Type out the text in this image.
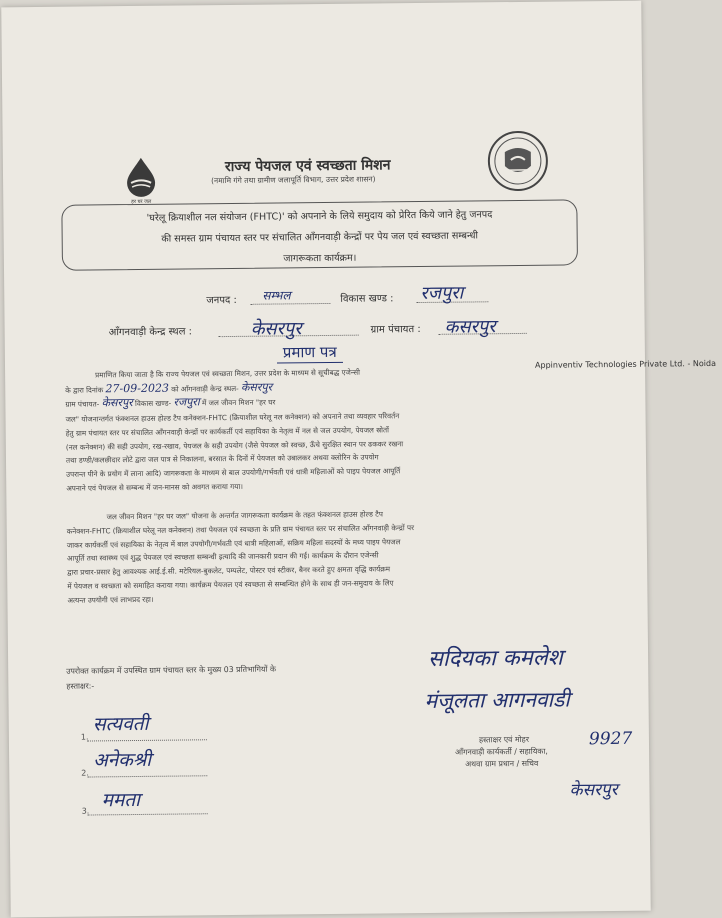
हर घर जल
राज्य पेयजल एवं स्वच्छता मिशन
(नमामि गंगे तथा ग्रामीण जलापूर्ति विभाग, उत्तर प्रदेश शासन)
'घरेलू क्रियाशील नल संयोजन (FHTC)' को अपनाने के लिये समुदाय को प्रेरित किये जाने हेतु जनपद
की समस्त ग्राम पंचायत स्तर पर संचालित आँगनवाड़ी केन्द्रों पर पेय जल एवं स्वच्छता सम्बन्धी
जागरूकता कार्यक्रम।
जनपद : सम्भल	विकास खण्ड : रजपुरा
आँगनवाड़ी केन्द्र स्थल :	केसरपुर	ग्राम पंचायत : कसरपुर
प्रमाण पत्र
प्रमाणित किया जाता है कि राज्य पेयजल एवं स्वच्छता मिशन, उत्तर प्रदेश के माध्यम से सूचीबद्ध एजेन्सी
Appinventiv Technologies Private Ltd. - Noida
के द्वारा दिनांक 27-09-2023 को आँगनवाड़ी केन्द्र स्थल- केसरपुर
ग्राम पंचायत- केसरपुर विकास खण्ड- रजपुरा में जल जीवन मिशन "हर घर
जल" योजनान्तर्गत फंक्शनल हाउस होल्ड टैप कनेक्शन-FHTC (क्रियाशील घरेलू नल कनेक्शन) को अपनाने तथा व्यवहार परिवर्तन
हेतु ग्राम पंचायत स्तर पर संचालित आँगनवाड़ी केन्द्रों पर कार्यकर्ती एवं सहायिका के नेतृत्व में नल से जल उपयोग, पेयजल स्रोतों
(नल कनेक्शन) की सही उपयोग, रख-रखाव, पेयजल के सही उपयोग (जैसे पेयजल को स्वच्छ, ऊँचे सुरक्षित स्थान पर ढककर रखना
तथा डण्डी/कलछीदार लोटे द्वारा जल पात्र से निकालना, बरसात के दिनों में पेयजल को उबालकर अथवा क्लोरिन के उपयोग
उपरान्त पीने के प्रयोग में लाना आदि) जागरूकता के माध्यम से बाल उपयोगी/गर्भवती एवं धात्री महिलाओं को पाइप पेयजल आपूर्ति
अपनाने एवं पेयजल से सम्बन्ध में जन-मानस को अवगत कराया गया।
जल जीवन मिशन "हर घर जल" योजना के अन्तर्गत जागरूकता कार्यक्रम के तहत फंक्शनल हाउस होल्ड टैप
कनेक्शन-FHTC (क्रियाशील घरेलू नल कनेक्शन) तथा पेयजल एवं स्वच्छता के प्रति ग्राम पंचायत स्तर पर संचालित आँगनवाड़ी केन्द्रों पर
जाकर कार्यकर्ती एवं सहायिका के नेतृत्व में बाल उपयोगी/गर्भवती एवं धात्री महिलाओं, सक्रिय महिला सदस्यों के मध्य पाइप पेयजल
आपूर्ति तथा स्वास्थ्य एवं शुद्ध पेयजल एवं स्वच्छता सम्बन्धी इत्यादि की जानकारी प्रदान की गई। कार्यक्रम के दौरान एजेन्सी
द्वारा प्रचार-प्रसार हेतु आवश्यक आई.ई.सी. मटेरियल-बुकलेट, पम्पलेट, पोस्टर एवं स्टीकर, बैनर करते हुए क्षमता वृद्धि कार्यक्रम
में पेयजल व स्वच्छता को समाहित कराया गया। कार्यक्रम पेयजल एवं स्वच्छता से सम्बन्धित होने के साथ ही जन-समुदाय के लिए
अत्यन्त उपयोगी एवं लाभप्रद रहा।
उपरोक्त कार्यक्रम में उपस्थित ग्राम पंचायत स्तर के मुख्य 03 प्रतिभागियों के
हस्ताक्षर:-
1.
सत्यवती
2.
अनेकश्री
3. ममता
सदियका कमलेश
मंजूलता आगनवाडी
हस्ताक्षर एवं मोहर
आँगनवाड़ी कार्यकर्ती / सहायिका,
अथवा ग्राम प्रधान / सचिव
9927
केसरपुर
